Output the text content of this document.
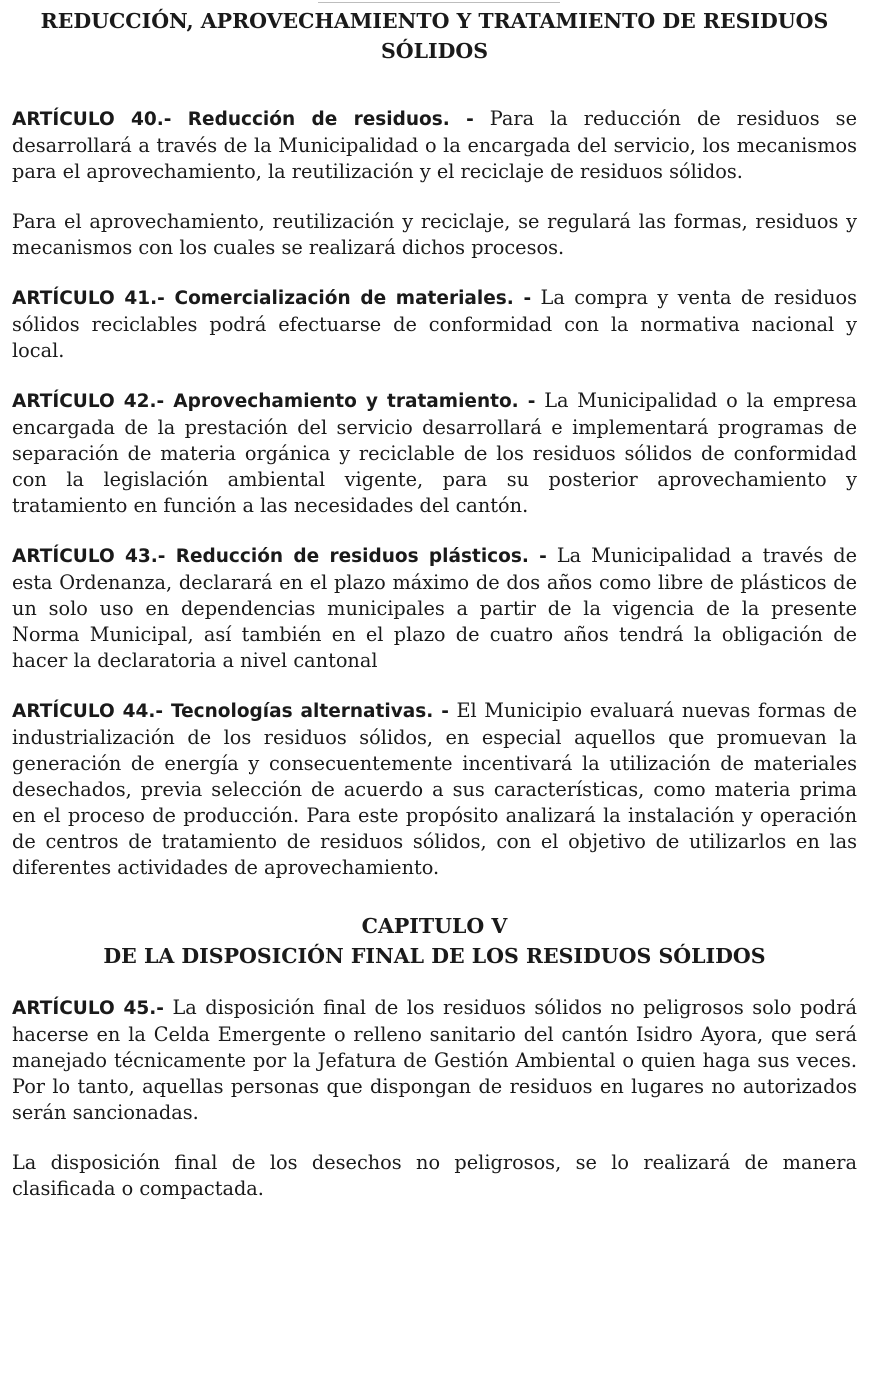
REDUCCIÓN, APROVECHAMIENTO Y TRATAMIENTO DE RESIDUOS
SÓLIDOS

ARTÍCULO 40.- Reducción de residuos. - Para la reducción de residuos se desarrollará a través de la Municipalidad o la encargada del servicio, los mecanismos para el aprovechamiento, la reutilización y el reciclaje de residuos sólidos.

Para el aprovechamiento, reutilización y reciclaje, se regulará las formas, residuos y mecanismos con los cuales se realizará dichos procesos.

ARTÍCULO 41.- Comercialización de materiales. - La compra y venta de residuos sólidos reciclables podrá efectuarse de conformidad con la normativa nacional y local.

ARTÍCULO 42.- Aprovechamiento y tratamiento. - La Municipalidad o la empresa encargada de la prestación del servicio desarrollará e implementará programas de separación de materia orgánica y reciclable de los residuos sólidos de conformidad con la legislación ambiental vigente, para su posterior aprovechamiento y tratamiento en función a las necesidades del cantón.

ARTÍCULO 43.- Reducción de residuos plásticos. - La Municipalidad a través de esta Ordenanza, declarará en el plazo máximo de dos años como libre de plásticos de un solo uso en dependencias municipales a partir de la vigencia de la presente Norma Municipal, así también en el plazo de cuatro años tendrá la obligación de hacer la declaratoria a nivel cantonal

ARTÍCULO 44.- Tecnologías alternativas. - El Municipio evaluará nuevas formas de industrialización de los residuos sólidos, en especial aquellos que promuevan la generación de energía y consecuentemente incentivará la utilización de materiales desechados, previa selección de acuerdo a sus características, como materia prima en el proceso de producción. Para este propósito analizará la instalación y operación de centros de tratamiento de residuos sólidos, con el objetivo de utilizarlos en las diferentes actividades de aprovechamiento.

CAPITULO V
DE LA DISPOSICIÓN FINAL DE LOS RESIDUOS SÓLIDOS

ARTÍCULO 45.- La disposición final de los residuos sólidos no peligrosos solo podrá hacerse en la Celda Emergente o relleno sanitario del cantón Isidro Ayora, que será manejado técnicamente por la Jefatura de Gestión Ambiental o quien haga sus veces. Por lo tanto, aquellas personas que dispongan de residuos en lugares no autorizados serán sancionadas.

La disposición final de los desechos no peligrosos, se lo realizará de manera clasificada o compactada.
